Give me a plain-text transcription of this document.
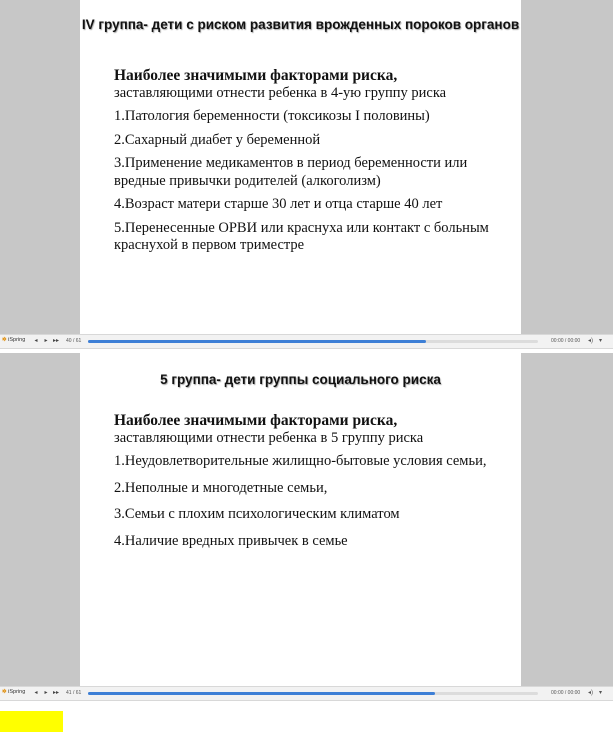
IV группа- дети с риском развития врожденных пороков органов
Наиболее значимыми факторами риска,
заставляющими отнести ребенка в 4-ую группу риска
1.Патология беременности (токсикозы I половины)
2.Сахарный диабет у беременной
3.Применение медикаментов в период беременности или вредные привычки родителей (алкоголизм)
4.Возраст матери старше 30 лет и отца старше 40 лет
5.Перенесенные ОРВИ или краснуха или контакт с больным краснухой в первом триместре
✲ iSpring	◂	▸ ▸▸ 40 / 61	00:00 / 00:00 ◂) ▾
5 группа- дети группы социального риска
Наиболее значимыми факторами риска,
заставляющими отнести ребенка в 5 группу риска
1.Неудовлетворительные жилищно-бытовые условия семьи,
2.Неполные и многодетные семьи,
3.Семьи с плохим психологическим климатом
4.Наличие вредных привычек в семье
✲ iSpring	◂	▸ ▸▸ 41 / 61	00:00 / 00:00 ◂) ▾
